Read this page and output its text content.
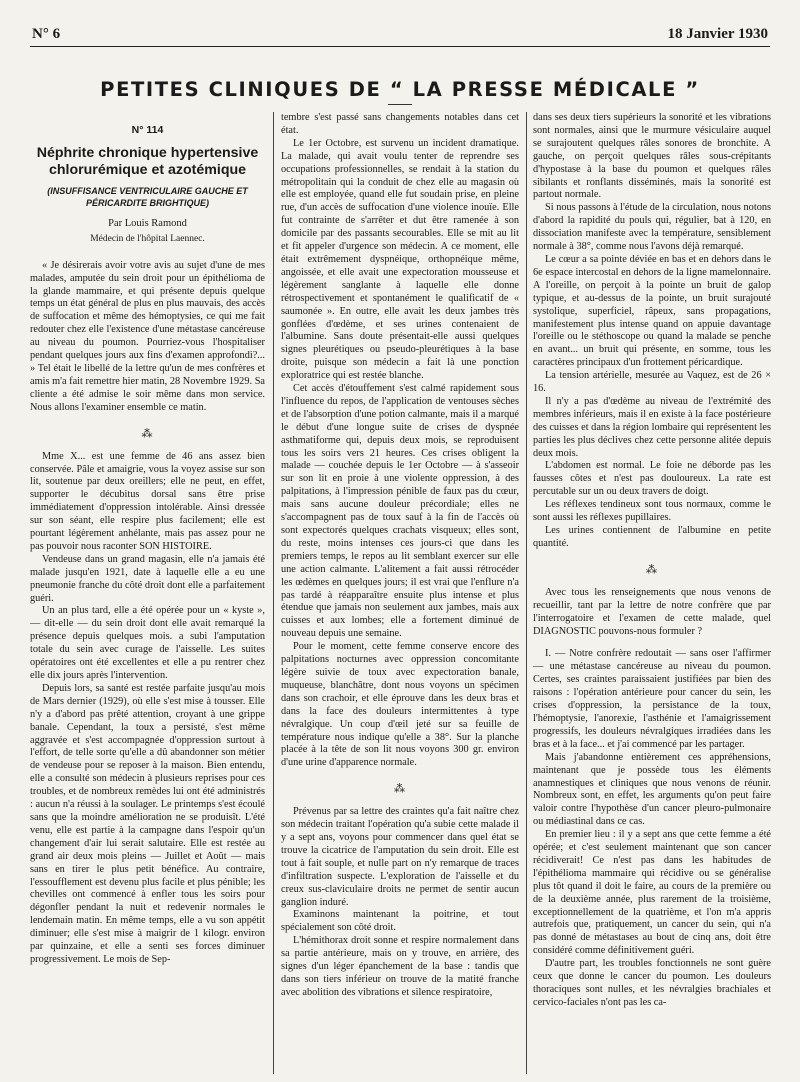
N° 6	18 Janvier 1930
PETITES CLINIQUES DE “ LA PRESSE MÉDICALE ”

N° 114

Néphrite chronique hypertensive chlorurémique et azotémique

(INSUFFISANCE VENTRICULAIRE GAUCHE ET PÉRICARDITE BRIGHTIQUE)

Par Louis Ramond

Médecin de l'hôpital Laennec.

« Je désirerais avoir votre avis au sujet d'une de mes malades, amputée du sein droit pour un épithélioma de la glande mammaire, et qui présente depuis quelque temps un état général de plus en plus mauvais, des accès de suffocation et même des hémoptysies, ce qui me fait redouter chez elle l'existence d'une métastase cancéreuse au niveau du poumon. Pourriez-vous l'hospitaliser pendant quelques jours aux fins d'examen approfondi?... » Tel était le libellé de la lettre qu'un de mes confrères et amis m'a fait remettre hier matin, 28 Novembre 1929. Sa cliente a été admise le soir même dans mon service. Nous allons l'examiner ensemble ce matin.

⁂

Mme X... est une femme de 46 ans assez bien conservée. Pâle et amaigrie, vous la voyez assise sur son lit, soutenue par deux oreillers; elle ne peut, en effet, supporter le décubitus dorsal sans être prise immédiatement d'oppression intolérable. Ainsi dressée sur son séant, elle respire plus facilement; elle est pourtant légèrement anhélante, mais pas assez pour ne pas pouvoir nous raconter SON HISTOIRE.

Vendeuse dans un grand magasin, elle n'a jamais été malade jusqu'en 1921, date à laquelle elle a eu une pneumonie franche du côté droit dont elle a parfaitement guéri.

Un an plus tard, elle a été opérée pour un « kyste », — dit-elle — du sein droit dont elle avait remarqué la présence depuis quelques mois. a subi l'amputation totale du sein avec curage de l'aisselle. Les suites opératoires ont été excellentes et elle a pu rentrer chez elle dix jours après l'intervention.

Depuis lors, sa santé est restée parfaite jusqu'au mois de Mars dernier (1929), où elle s'est mise à tousser. Elle n'y a d'abord pas prêté attention, croyant à une grippe banale. Cependant, la toux a persisté, s'est même aggravée et s'est accompagnée d'oppression surtout à l'effort, de telle sorte qu'elle a dû abandonner son métier de vendeuse pour se reposer à la maison. Bien entendu, elle a consulté son médecin à plusieurs reprises pour ces troubles, et de nombreux remèdes lui ont été administrés : aucun n'a réussi à la soulager. Le printemps s'est écoulé sans que la moindre amélioration ne se produisît. L'été venu, elle est partie à la campagne dans l'espoir qu'un changement d'air lui serait salutaire. Elle est restée au grand air deux mois pleins — Juillet et Août — mais sans en tirer le plus petit bénéfice. Au contraire, l'essoufflement est devenu plus facile et plus pénible; les chevilles ont commencé à enfler tous les soirs pour dégonfler pendant la nuit et redevenir normales le lendemain matin. En même temps, elle a vu son appétit diminuer; elle s'est mise à maigrir de 1 kilogr. environ par quinzaine, et elle a senti ses forces diminuer progressivement. Le mois de Sep-

tembre s'est passé sans changements notables dans cet état.

Le 1er Octobre, est survenu un incident dramatique. La malade, qui avait voulu tenter de reprendre ses occupations professionnelles, se rendait à la station du métropolitain qui la conduit de chez elle au magasin où elle est employée, quand elle fut soudain prise, en pleine rue, d'un accès de suffocation d'une violence inouïe. Elle fut contrainte de s'arrêter et dut être ramenée à son domicile par des passants secourables. Elle se mit au lit et fit appeler d'urgence son médecin. A ce moment, elle était extrêmement dyspnéique, orthopnéique même, angoissée, et elle avait une expectoration mousseuse et légèrement sanglante à laquelle elle donne rétrospectivement et spontanément le qualificatif de « saumonée ». En outre, elle avait les deux jambes très gonflées d'œdème, et ses urines contenaient de l'albumine. Sans doute présentait-elle aussi quelques signes pleurétiques ou pseudo-pleurétiques à la base droite, puisque son médecin a fait là une ponction exploratrice qui est restée blanche.

Cet accès d'étouffement s'est calmé rapidement sous l'influence du repos, de l'application de ventouses sèches et de l'absorption d'une potion calmante, mais il a marqué le début d'une longue suite de crises de dyspnée asthmatiforme qui, depuis deux mois, se reproduisent tous les soirs vers 21 heures. Ces crises obligent la malade — couchée depuis le 1er Octobre — à s'asseoir sur son lit en proie à une violente oppression, à des palpitations, à l'impression pénible de faux pas du cœur, mais sans aucune douleur précordiale; elles ne s'accompagnent pas de toux sauf à la fin de l'accès où sont expectorés quelques crachats visqueux; elles sont, du reste, moins intenses ces jours-ci que dans les premiers temps, le repos au lit semblant exercer sur elle une action calmante. L'alitement a fait aussi rétrocéder les œdèmes en quelques jours; il est vrai que l'enflure n'a pas tardé à réapparaître ensuite plus intense et plus étendue que jamais non seulement aux jambes, mais aux cuisses et aux lombes; elle a fortement diminué de nouveau depuis une semaine.

Pour le moment, cette femme conserve encore des palpitations nocturnes avec oppression concomitante légère suivie de toux avec expectoration banale, muqueuse, blanchâtre, dont nous voyons un spécimen dans son crachoir, et elle éprouve dans les deux bras et dans la face des douleurs intermittentes à type névralgique. Un coup d'œil jeté sur sa feuille de température nous indique qu'elle a 38°. Sur la planche placée à la tête de son lit nous voyons 300 gr. environ d'une urine d'apparence normale.

⁂

Prévenus par sa lettre des craintes qu'a fait naître chez son médecin traitant l'opération qu'a subie cette malade il y a sept ans, voyons pour commencer dans quel état se trouve la cicatrice de l'amputation du sein droit. Elle est tout à fait souple, et nulle part on n'y remarque de traces d'infiltration suspecte. L'exploration de l'aisselle et du creux sus-claviculaire droits ne permet de sentir aucun ganglion induré.

Examinons maintenant la poitrine, et tout spécialement son côté droit.

L'hémithorax droit sonne et respire normalement dans sa partie antérieure, mais on y trouve, en arrière, des signes d'un léger épanchement de la base : tandis que dans son tiers inférieur on trouve de la matité franche avec abolition des vibrations et silence respiratoire,

dans ses deux tiers supérieurs la sonorité et les vibrations sont normales, ainsi que le murmure vésiculaire auquel se surajoutent quelques râles sonores de bronchite. A gauche, on perçoit quelques râles sous-crépitants d'hypostase à la base du poumon et quelques râles sibilants et ronflants disséminés, mais la sonorité est partout normale.

Si nous passons à l'étude de la circulation, nous notons d'abord la rapidité du pouls qui, régulier, bat à 120, en dissociation manifeste avec la température, sensiblement normale à 38°, comme nous l'avons déjà remarqué.

Le cœur a sa pointe déviée en bas et en dehors dans le 6e espace intercostal en dehors de la ligne mamelonnaire. A l'oreille, on perçoit à la pointe un bruit de galop typique, et au-dessus de la pointe, un bruit surajouté systolique, superficiel, râpeux, sans propagations, manifestement plus intense quand on appuie davantage l'oreille ou le stéthoscope ou quand la malade se penche en avant... un bruit qui présente, en somme, tous les caractères principaux d'un frottement péricardique.

La tension artérielle, mesurée au Vaquez, est de 26 × 16.

Il n'y a pas d'œdème au niveau de l'extrémité des membres inférieurs, mais il en existe à la face postérieure des cuisses et dans la région lombaire qui représentent les parties les plus déclives chez cette personne alitée depuis deux mois.

L'abdomen est normal. Le foie ne déborde pas les fausses côtes et n'est pas douloureux. La rate est percutable sur un ou deux travers de doigt.

Les réflexes tendineux sont tous normaux, comme le sont aussi les réflexes pupillaires.

Les urines contiennent de l'albumine en petite quantité.

⁂

Avec tous les renseignements que nous venons de recueillir, tant par la lettre de notre confrère que par l'interrogatoire et l'examen de cette malade, quel DIAGNOSTIC pouvons-nous formuler ?

I. — Notre confrère redoutait — sans oser l'affirmer — une métastase cancéreuse au niveau du poumon. Certes, ses craintes paraissaient justifiées par bien des raisons : l'opération antérieure pour cancer du sein, les crises d'oppression, la persistance de la toux, l'hémoptysie, l'anorexie, l'asthénie et l'amaigrissement progressifs, les douleurs névralgiques irradiées dans les bras et à la face... et j'ai commencé par les partager.

Mais j'abandonne entièrement ces appréhensions, maintenant que je possède tous les éléments anamnestiques et cliniques que nous venons de réunir. Nombreux sont, en effet, les arguments qu'on peut faire valoir contre l'hypothèse d'un cancer pleuro-pulmonaire ou médiastinal dans ce cas.

En premier lieu : il y a sept ans que cette femme a été opérée; et c'est seulement maintenant que son cancer récidiverait! Ce n'est pas dans les habitudes de l'épithélioma mammaire qui récidive ou se généralise plus tôt quand il doit le faire, au cours de la première ou de la deuxième année, plus rarement de la troisième, exceptionnellement de la quatrième, et l'on m'a appris autrefois que, pratiquement, un cancer du sein, qui n'a pas donné de métastases au bout de cinq ans, doit être considéré comme définitivement guéri.

D'autre part, les troubles fonctionnels ne sont guère ceux que donne le cancer du poumon. Les douleurs thoraciques sont nulles, et les névralgies brachiales et cervico-faciales n'ont pas les ca-
